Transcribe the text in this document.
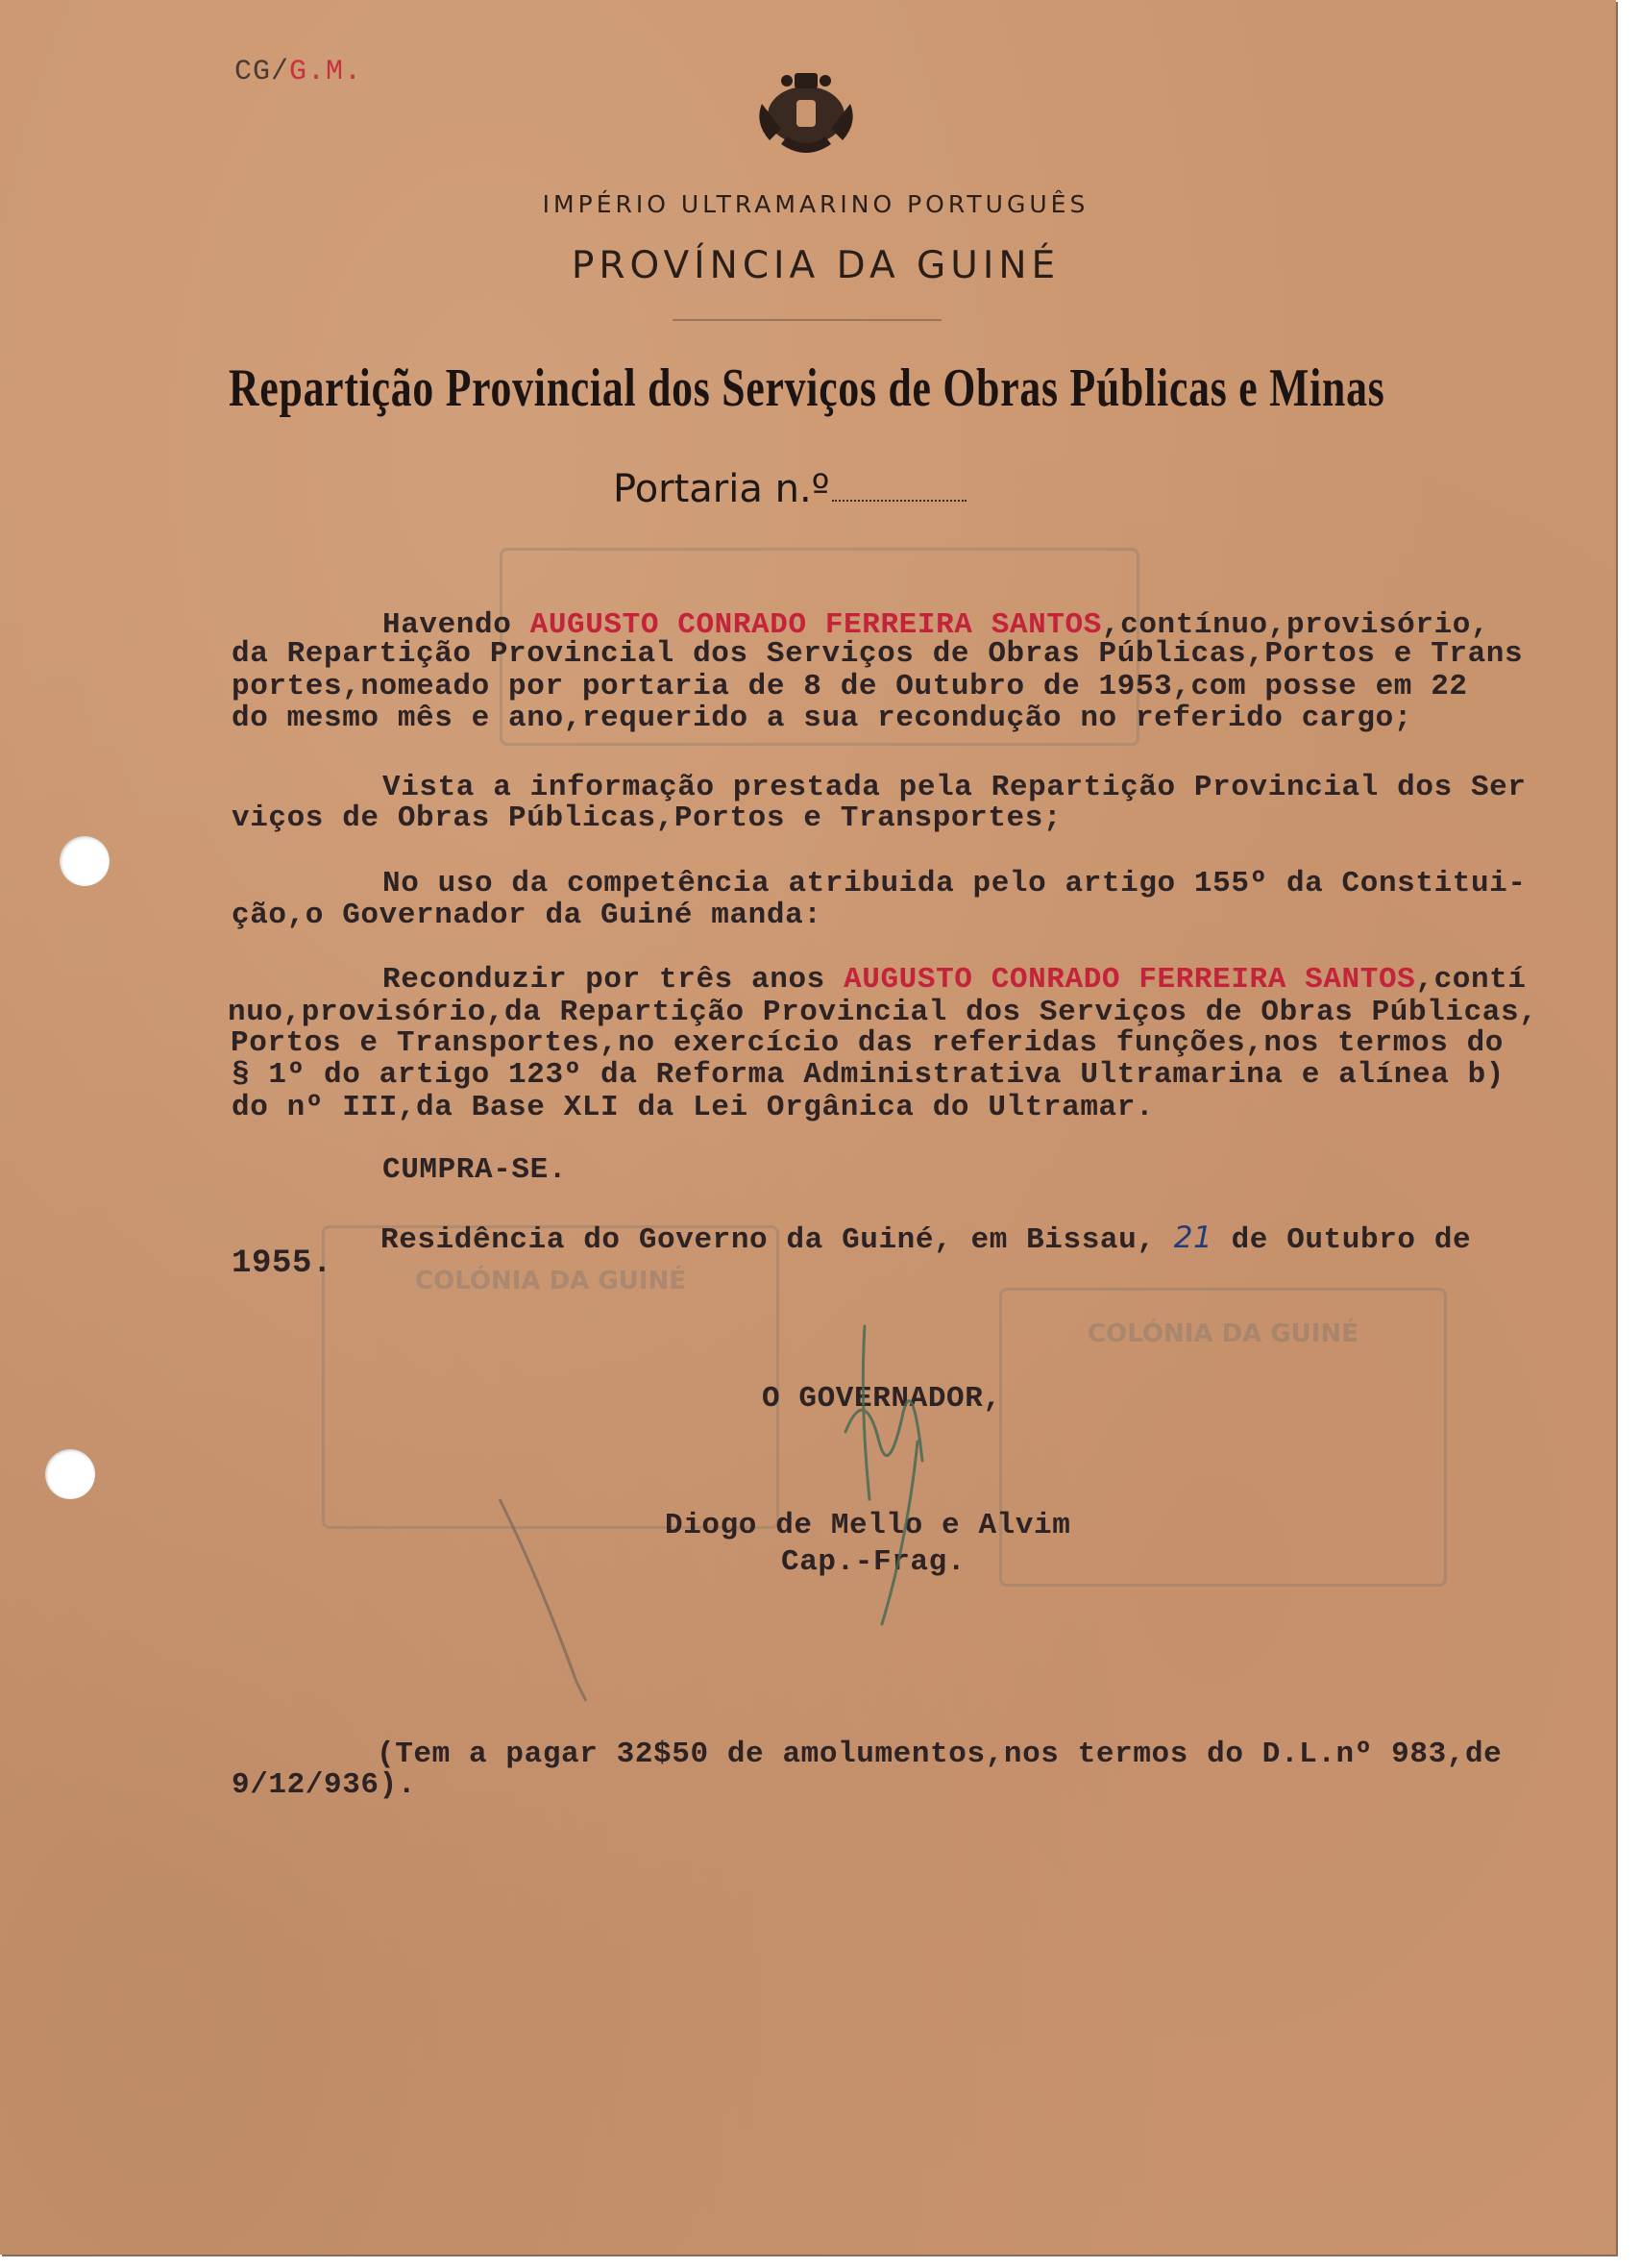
CG/G.M.
IMPÉRIO ULTRAMARINO PORTUGUÊS
PROVÍNCIA DA GUINÉ
Repartição Provincial dos Serviços de Obras Públicas e Minas
Portaria n.º
COLÓNIA DA GUINÉ
COLÓNIA DA GUINÉ
Havendo AUGUSTO CONRADO FERREIRA SANTOS,contínuo,provisório,
da Repartição Provincial dos Serviços de Obras Públicas,Portos e Trans
portes,nomeado por portaria de 8 de Outubro de 1953,com posse em 22
do mesmo mês e ano,requerido a sua recondução no referido cargo;
Vista a informação prestada pela Repartição Provincial dos Ser
viços de Obras Públicas,Portos e Transportes;
No uso da competência atribuida pelo artigo 155º da Constitui-
ção,o Governador da Guiné manda:
Reconduzir por três anos AUGUSTO CONRADO FERREIRA SANTOS,contí
nuo,provisório,da Repartição Provincial dos Serviços de Obras Públicas,
Portos e Transportes,no exercício das referidas funções,nos termos do
§ 1º do artigo 123º da Reforma Administrativa Ultramarina e alínea b)
do nº III,da Base XLI da Lei Orgânica do Ultramar.
CUMPRA-SE.
Residência do Governo da Guiné, em Bissau, 21 de Outubro de
1955.
O GOVERNADOR,
Diogo de Mello e Alvim
Cap.-Frag.
(Tem a pagar 32$50 de amolumentos,nos termos do D.L.nº 983,de
9/12/936).
